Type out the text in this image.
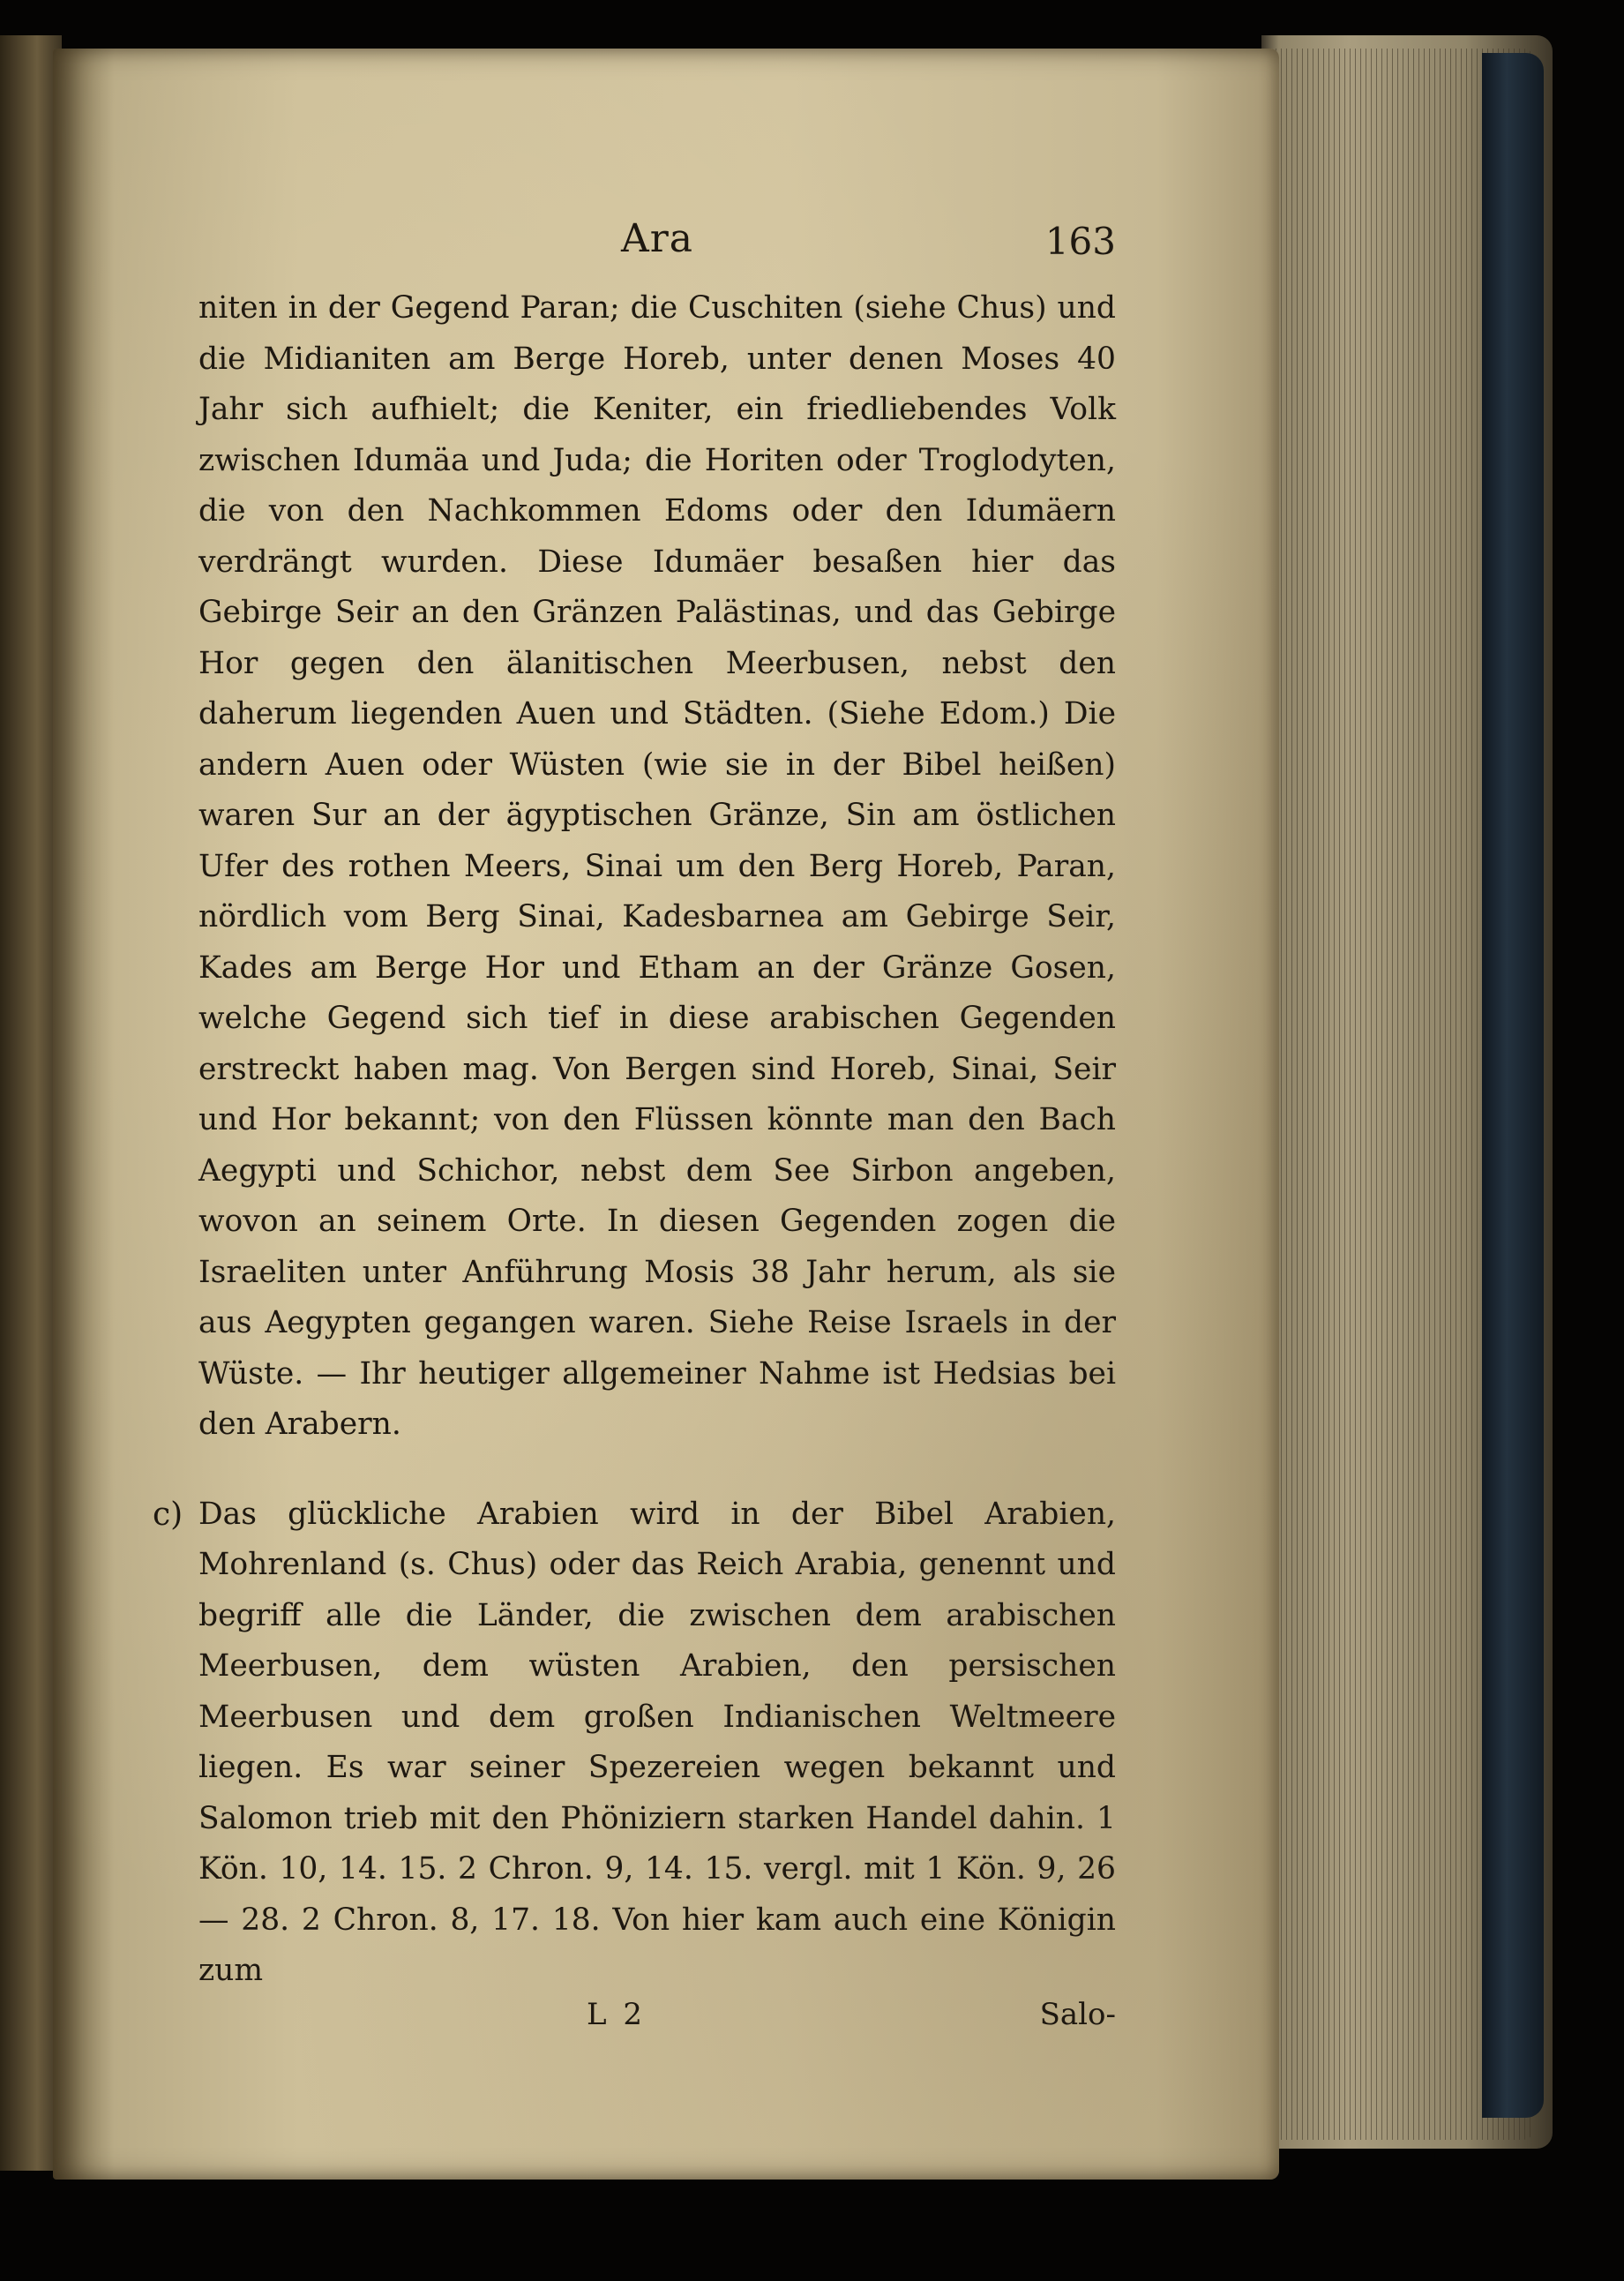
Ara	163

niten in der Gegend Paran; die Cuschiten (siehe Chus) und die Midianiten am Berge Horeb, unter denen Moses 40 Jahr sich aufhielt; die Keniter, ein friedliebendes Volk zwischen Idumäa und Juda; die Horiten oder Troglodyten, die von den Nachkommen Edoms oder den Idumäern verdrängt wurden. Diese Idumäer besaßen hier das Gebirge Seir an den Gränzen Palästinas, und das Gebirge Hor gegen den älanitischen Meerbusen, nebst den daherum liegenden Auen und Städten. (Siehe Edom.) Die andern Auen oder Wüsten (wie sie in der Bibel heißen) waren Sur an der ägyptischen Gränze, Sin am östlichen Ufer des rothen Meers, Sinai um den Berg Horeb, Paran, nördlich vom Berg Sinai, Kadesbarnea am Gebirge Seir, Kades am Berge Hor und Etham an der Gränze Gosen, welche Gegend sich tief in diese arabischen Gegenden erstreckt haben mag. Von Bergen sind Horeb, Sinai, Seir und Hor bekannt; von den Flüssen könnte man den Bach Aegypti und Schichor, nebst dem See Sirbon angeben, wovon an seinem Orte. In diesen Gegenden zogen die Israeliten unter Anführung Mosis 38 Jahr herum, als sie aus Aegypten gegangen waren. Siehe Reise Israels in der Wüste. — Ihr heutiger allgemeiner Nahme ist Hedsias bei den Arabern.

c) Das glückliche Arabien wird in der Bibel Arabien, Mohrenland (s. Chus) oder das Reich Arabia, genennt und begriff alle die Länder, die zwischen dem arabischen Meerbusen, dem wüsten Arabien, den persischen Meerbusen und dem großen Indianischen Weltmeere liegen. Es war seiner Spezereien wegen bekannt und Salomon trieb mit den Phöniziern starken Handel dahin. 1 Kön. 10, 14. 15. 2 Chron. 9, 14. 15. vergl. mit 1 Kön. 9, 26 — 28. 2 Chron. 8, 17. 18. Von hier kam auch eine Königin zum

L 2	Salo-
